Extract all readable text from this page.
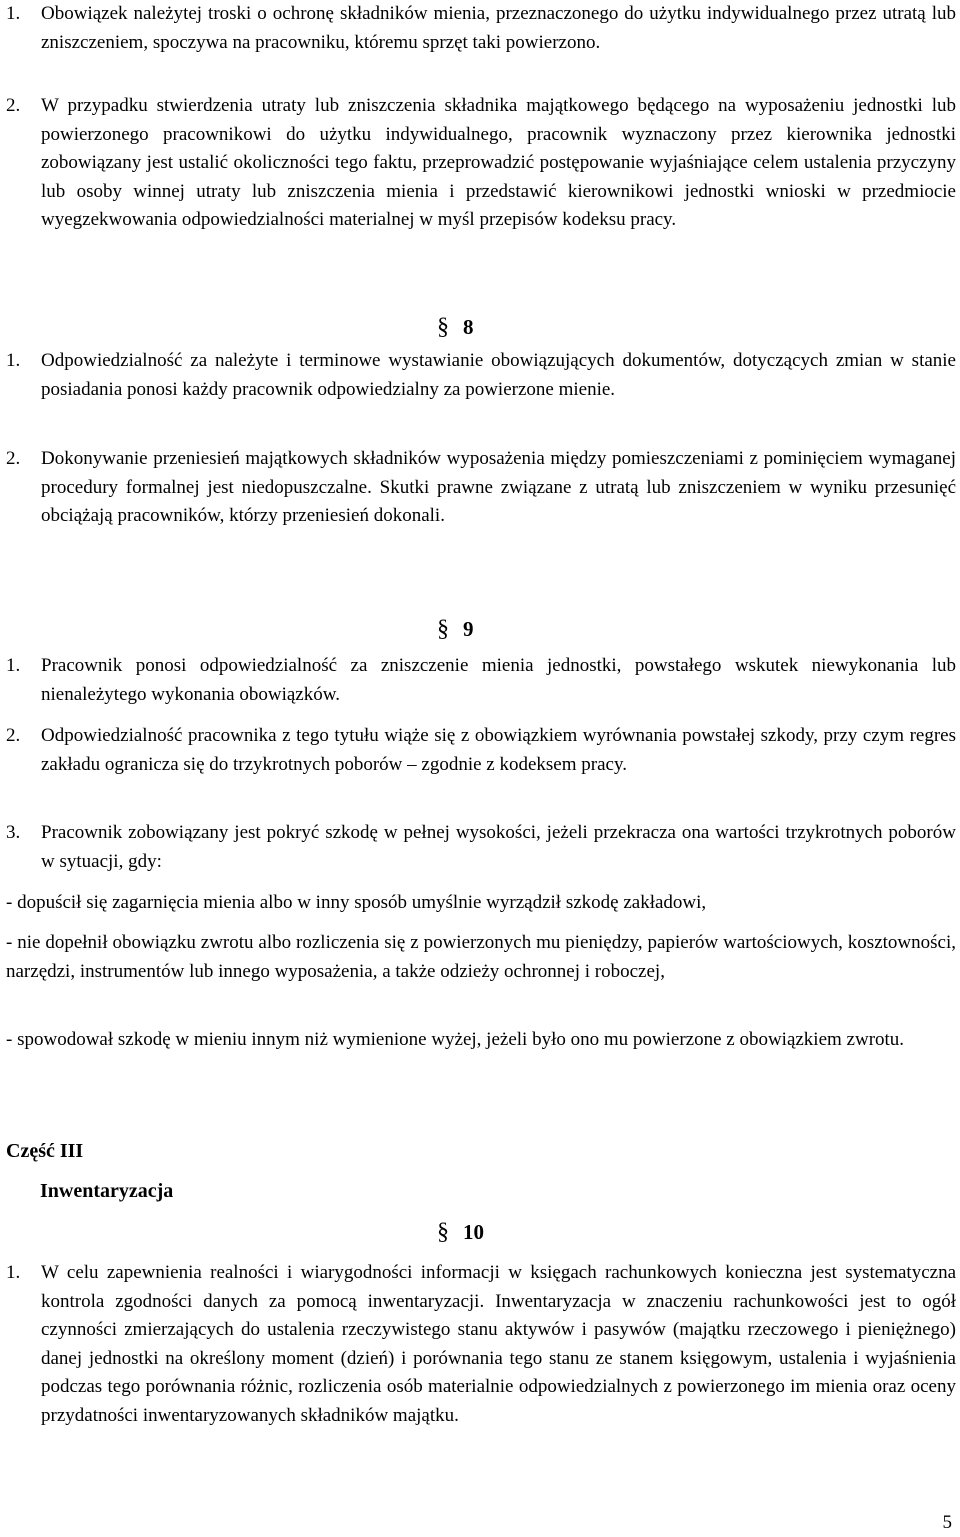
1. Obowiązek należytej troski o ochronę składników mienia, przeznaczonego do użytku indywidualnego przez utratą lub zniszczeniem, spoczywa na pracowniku, któremu sprzęt taki powierzono.

2. W przypadku stwierdzenia utraty lub zniszczenia składnika majątkowego będącego na wyposażeniu jednostki lub powierzonego pracownikowi do użytku indywidualnego, pracownik wyznaczony przez kierownika jednostki zobowiązany jest ustalić okoliczności tego faktu, przeprowadzić postępowanie wyjaśniające celem ustalenia przyczyny lub osoby winnej utraty lub zniszczenia mienia i przedstawić kierownikowi jednostki wnioski w przedmiocie wyegzekwowania odpowiedzialności materialnej w myśl przepisów kodeksu pracy.

§ 8

1. Odpowiedzialność za należyte i terminowe wystawianie obowiązujących dokumentów, dotyczących zmian w stanie posiadania ponosi każdy pracownik odpowiedzialny za powierzone mienie.

2. Dokonywanie przeniesień majątkowych składników wyposażenia między pomieszczeniami z pominięciem wymaganej procedury formalnej jest niedopuszczalne. Skutki prawne związane z utratą lub zniszczeniem w wyniku przesunięć obciążają pracowników, którzy przeniesień dokonali.

§ 9

1. Pracownik ponosi odpowiedzialność za zniszczenie mienia jednostki, powstałego wskutek niewykonania lub nienależytego wykonania obowiązków.

2. Odpowiedzialność pracownika z tego tytułu wiąże się z obowiązkiem wyrównania powstałej szkody, przy czym regres zakładu ogranicza się do trzykrotnych poborów – zgodnie z kodeksem pracy.

3. Pracownik zobowiązany jest pokryć szkodę w pełnej wysokości, jeżeli przekracza ona wartości trzykrotnych poborów w sytuacji, gdy:

- dopuścił się zagarnięcia mienia albo w inny sposób umyślnie wyrządził szkodę zakładowi,

- nie dopełnił obowiązku zwrotu albo rozliczenia się z powierzonych mu pieniędzy, papierów wartościowych, kosztowności, narzędzi, instrumentów lub innego wyposażenia, a także odzieży ochronnej i roboczej,

- spowodował szkodę w mieniu innym niż wymienione wyżej, jeżeli było ono mu powierzone z obowiązkiem zwrotu.

Część III
Inwentaryzacja
§ 10

1. W celu zapewnienia realności i wiarygodności informacji w księgach rachunkowych konieczna jest systematyczna kontrola zgodności danych za pomocą inwentaryzacji. Inwentaryzacja w znaczeniu rachunkowości jest to ogół czynności zmierzających do ustalenia rzeczywistego stanu aktywów i pasywów (majątku rzeczowego i pieniężnego) danej jednostki na określony moment (dzień) i porównania tego stanu ze stanem księgowym, ustalenia i wyjaśnienia podczas tego porównania różnic, rozliczenia osób materialnie odpowiedzialnych z powierzonego im mienia oraz oceny przydatności inwentaryzowanych składników majątku.

5
